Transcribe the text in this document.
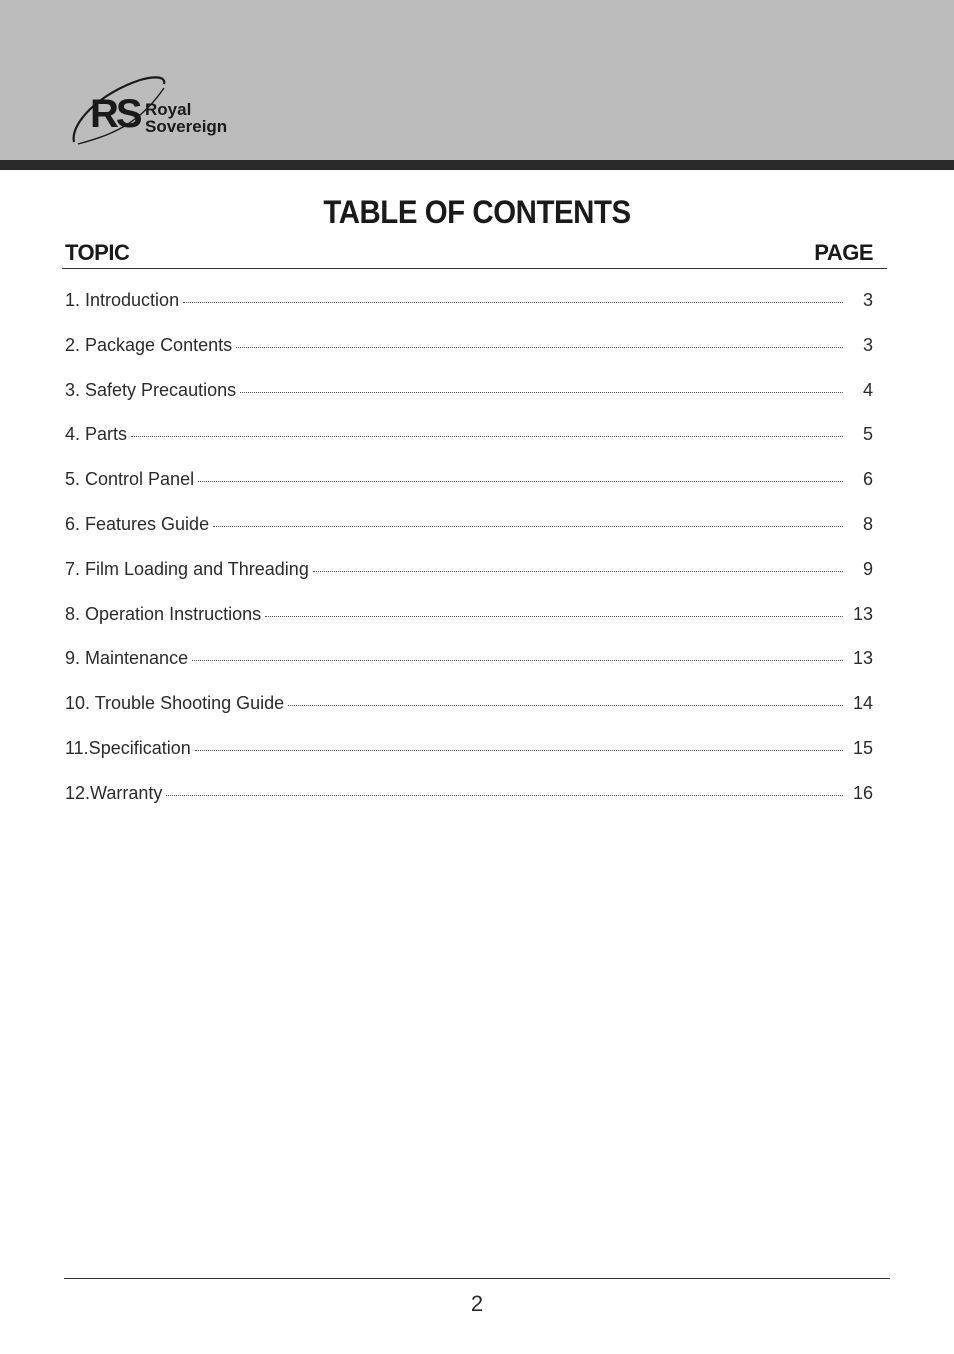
RS Royal
Sovereign
TABLE OF CONTENTS
TOPIC	PAGE
1. Introduction	3
2. Package Contents	3
3. Safety Precautions	4
4. Parts	5
5. Control Panel	6
6. Features Guide	8
7. Film Loading and Threading	9
8. Operation Instructions	13
9. Maintenance	13
10. Trouble Shooting Guide	14
11.Specification	15
12.Warranty	16
2
